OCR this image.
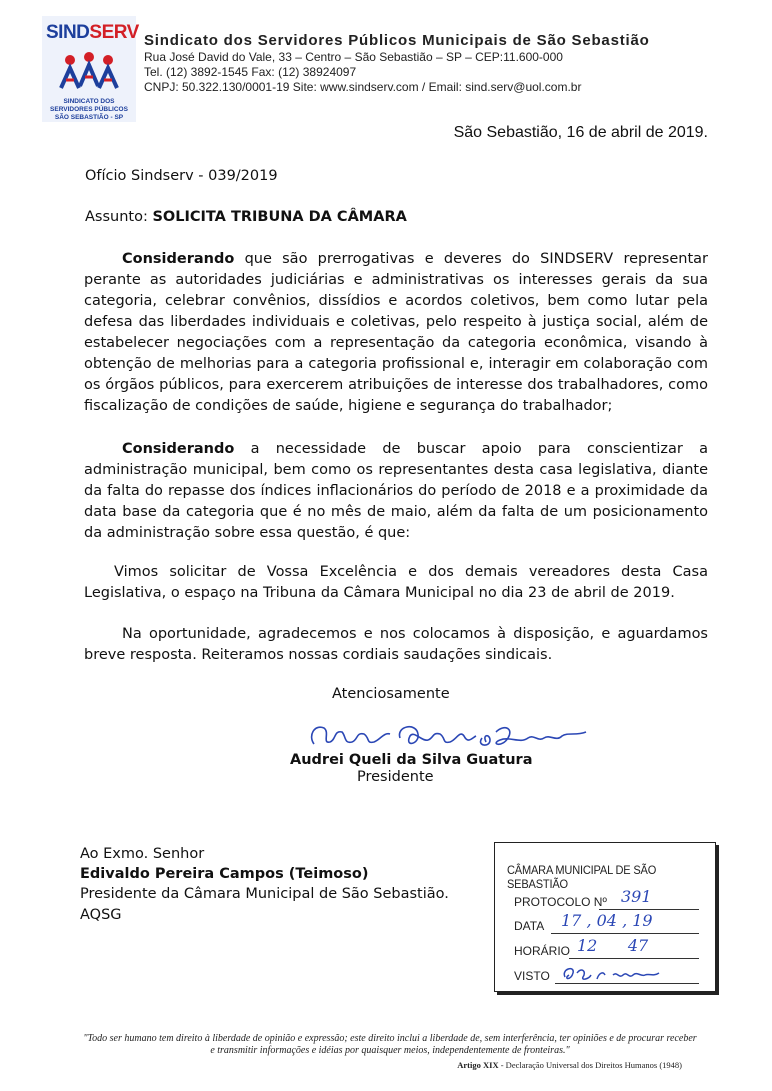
SINDSERV
SINDICATO DOS SERVIDORES PÚBLICOS
SÃO SEBASTIÃO - SP
Sindicato dos Servidores Públicos Municipais de São Sebastião
Rua José David do Vale, 33 – Centro – São Sebastião – SP – CEP:11.600-000
Tel. (12) 3892-1545 Fax: (12) 38924097
CNPJ: 50.322.130/0001-19 Site: www.sindserv.com / Email: sind.serv@uol.com.br
São Sebastião, 16 de abril de 2019.
Ofício Sindserv - 039/2019
Assunto: SOLICITA TRIBUNA DA CÂMARA
Considerando que são prerrogativas e deveres do SINDSERV representar perante as autoridades judiciárias e administrativas os interesses gerais da sua categoria, celebrar convênios, dissídios e acordos coletivos, bem como lutar pela defesa das liberdades individuais e coletivas, pelo respeito à justiça social, além de estabelecer negociações com a representação da categoria econômica, visando à obtenção de melhorias para a categoria profissional e, interagir em colaboração com os órgãos públicos, para exercerem atribuições de interesse dos trabalhadores, como fiscalização de condições de saúde, higiene e segurança do trabalhador;
Considerando a necessidade de buscar apoio para conscientizar a administração municipal, bem como os representantes desta casa legislativa, diante da falta do repasse dos índices inflacionários do período de 2018 e a proximidade da data base da categoria que é no mês de maio, além da falta de um posicionamento da administração sobre essa questão, é que:
Vimos solicitar de Vossa Excelência e dos demais vereadores desta Casa Legislativa, o espaço na Tribuna da Câmara Municipal no dia 23 de abril de 2019.
Na oportunidade, agradecemos e nos colocamos à disposição, e aguardamos breve resposta. Reiteramos nossas cordiais saudações sindicais.
Atenciosamente
Audrei Queli da Silva Guatura
Presidente
Ao Exmo. Senhor
Edivaldo Pereira Campos (Teimoso)
Presidente da Câmara Municipal de São Sebastião.
AQSG
CÂMARA MUNICIPAL DE SÃO SEBASTIÃO
PROTOCOLO Nº 391
DATA 17 , 04 , 19
HORÁRIO 12      47
VISTO
"Todo ser humano tem direito à liberdade de opinião e expressão; este direito inclui a liberdade de, sem interferência, ter opiniões e de procurar receber e transmitir informações e idéias por quaisquer meios, independentemente de fronteiras."
Artigo XIX - Declaração Universal dos Direitos Humanos (1948)
